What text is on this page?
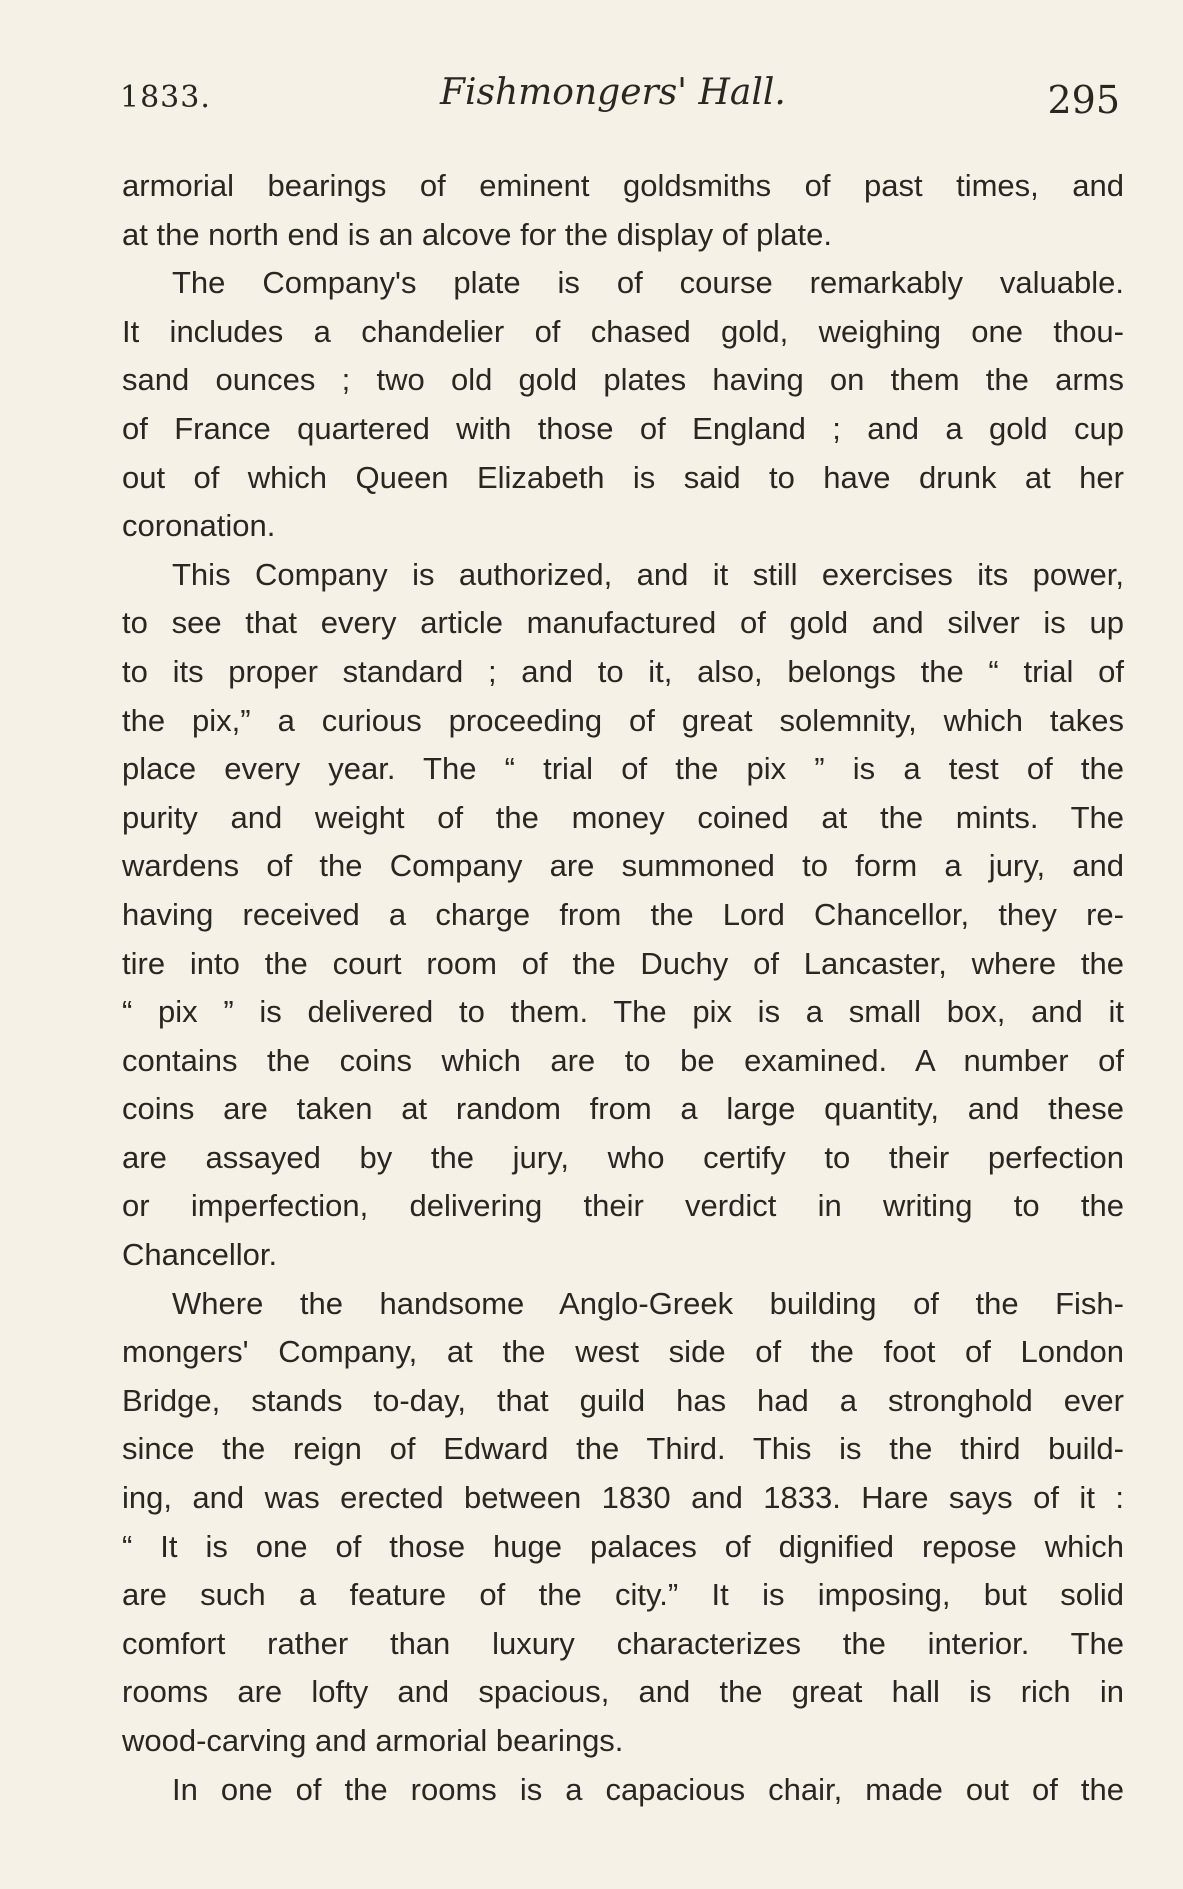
1833.	Fishmongers' Hall.	295
armorial bearings of eminent goldsmiths of past times, and
at the north end is an alcove for the display of plate.
The Company's plate is of course remarkably valuable.
It includes a chandelier of chased gold, weighing one thou-
sand ounces ; two old gold plates having on them the arms
of France quartered with those of England ; and a gold cup
out of which Queen Elizabeth is said to have drunk at her
coronation.
This Company is authorized, and it still exercises its power,
to see that every article manufactured of gold and silver is up
to its proper standard ; and to it, also, belongs the “ trial of
the pix,” a curious proceeding of great solemnity, which takes
place every year. The “ trial of the pix ” is a test of the
purity and weight of the money coined at the mints. The
wardens of the Company are summoned to form a jury, and
having received a charge from the Lord Chancellor, they re-
tire into the court room of the Duchy of Lancaster, where the
“ pix ” is delivered to them. The pix is a small box, and it
contains the coins which are to be examined. A number of
coins are taken at random from a large quantity, and these
are assayed by the jury, who certify to their perfection
or imperfection, delivering their verdict in writing to the
Chancellor.
Where the handsome Anglo-Greek building of the Fish-
mongers' Company, at the west side of the foot of London
Bridge, stands to-day, that guild has had a stronghold ever
since the reign of Edward the Third. This is the third build-
ing, and was erected between 1830 and 1833. Hare says of it :
“ It is one of those huge palaces of dignified repose which
are such a feature of the city.” It is imposing, but solid
comfort rather than luxury characterizes the interior. The
rooms are lofty and spacious, and the great hall is rich in
wood-carving and armorial bearings.
In one of the rooms is a capacious chair, made out of the
